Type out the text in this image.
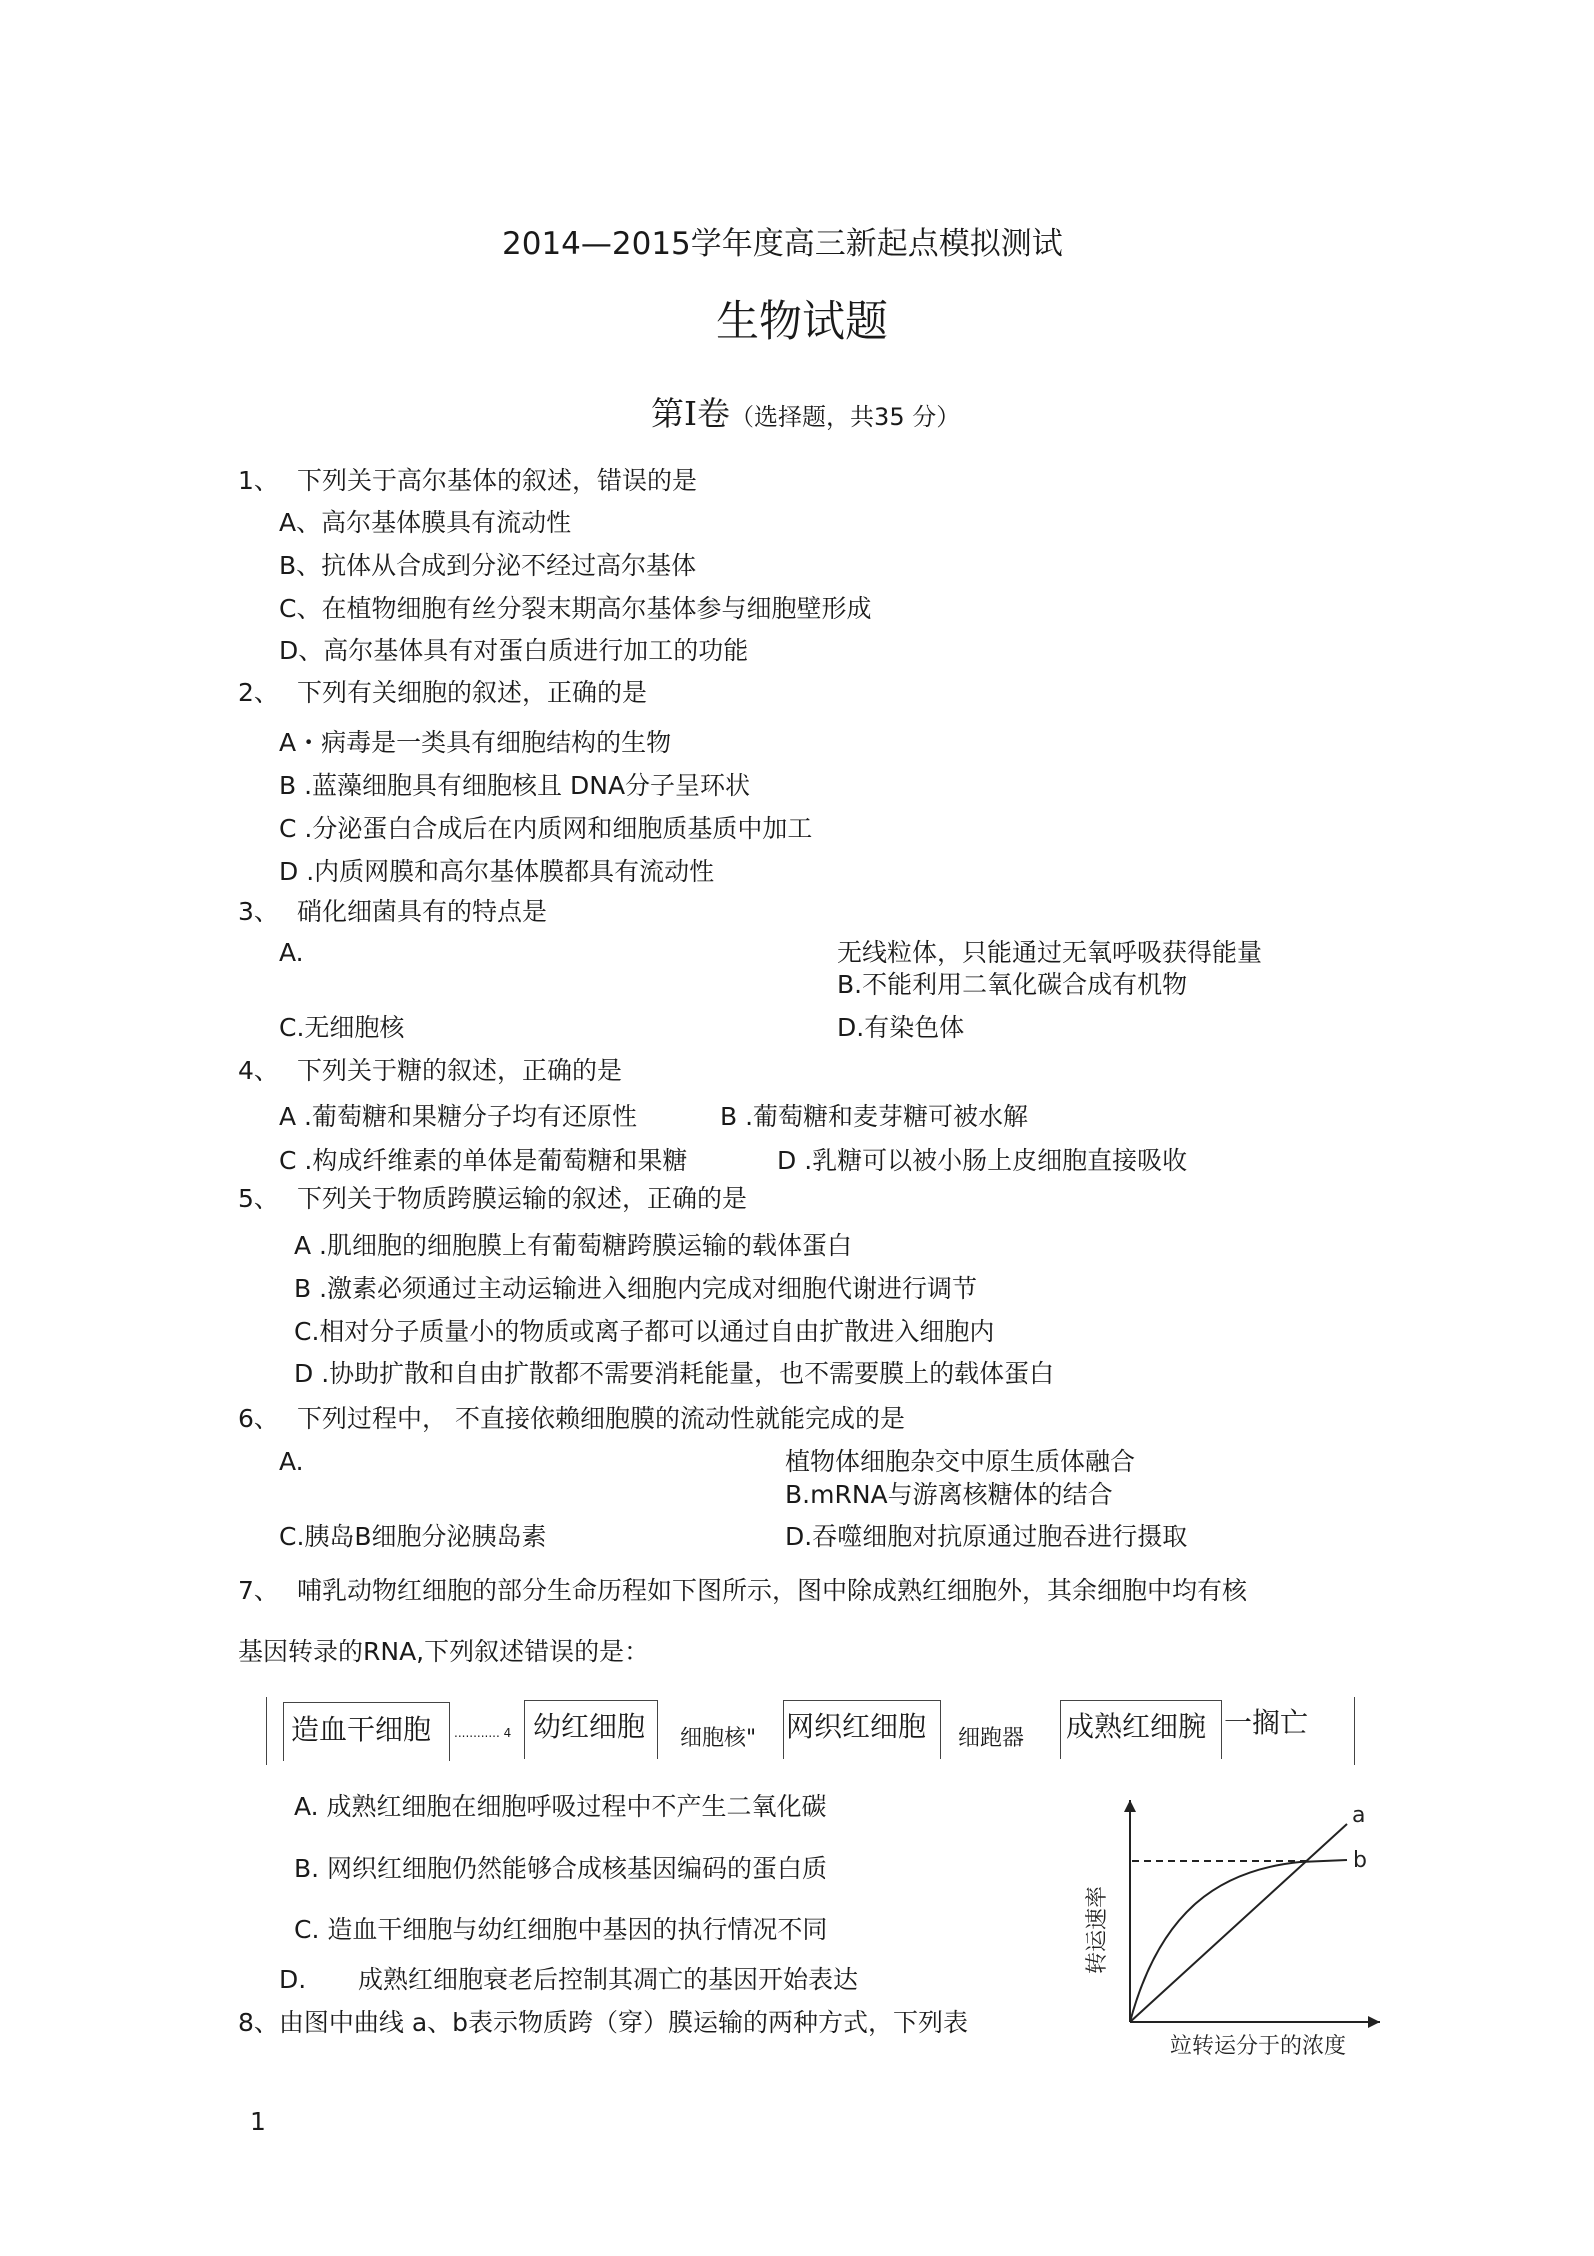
2014—2015学年度高三新起点模拟测试
生物试题
第Ⅰ卷（选择题，共35 分）
1、 下列关于高尔基体的叙述，错误的是
A、高尔基体膜具有流动性
B、抗体从合成到分泌不经过高尔基体
C、在植物细胞有丝分裂末期高尔基体参与细胞壁形成
D、高尔基体具有对蛋白质进行加工的功能
2、 下列有关细胞的叙述，正确的是
A・病毒是一类具有细胞结构的生物
B .蓝藻细胞具有细胞核且 DNA分子呈环状
C .分泌蛋白合成后在内质网和细胞质基质中加工
D .内质网膜和高尔基体膜都具有流动性
3、 硝化细菌具有的特点是
A.	无线粒体，只能通过无氧呼吸获得能量
B.不能利用二氧化碳合成有机物
C.无细胞核	D.有染色体
4、 下列关于糖的叙述，正确的是
A .葡萄糖和果糖分子均有还原性	B .葡萄糖和麦芽糖可被水解
C .构成纤维素的单体是葡萄糖和果糖	D .乳糖可以被小肠上皮细胞直接吸收
5、 下列关于物质跨膜运输的叙述，正确的是
A .肌细胞的细胞膜上有葡萄糖跨膜运输的载体蛋白
B .激素必须通过主动运输进入细胞内完成对细胞代谢进行调节
C.相对分子质量小的物质或离子都可以通过自由扩散进入细胞内
D .协助扩散和自由扩散都不需要消耗能量，也不需要膜上的载体蛋白
6、 下列过程中， 不直接依赖细胞膜的流动性就能完成的是
A.	植物体细胞杂交中原生质体融合
B.mRNA与游离核糖体的结合
C.胰岛B细胞分泌胰岛素	D.吞噬细胞对抗原通过胞吞进行摄取
7、 哺乳动物红细胞的部分生命历程如下图所示，图中除成熟红细胞外，其余细胞中均有核
基因转录的RNA,下列叙述错误的是：
造血干细胞 ............ 4 幼红细胞 细胞核" 网织红细胞 细跑器 成熟红细腕 一搁亡
A. 成熟红细胞在细胞呼吸过程中不产生二氧化碳
B. 网织红细胞仍然能够合成核基因编码的蛋白质
C. 造血干细胞与幼红细胞中基因的执行情况不同
D. 成熟红细胞衰老后控制其凋亡的基因开始表达
8、由图中曲线 a、b表示物质跨（穿）膜运输的两种方式，下列表
a
b
转运速率
竝转运分于的浓度
1
